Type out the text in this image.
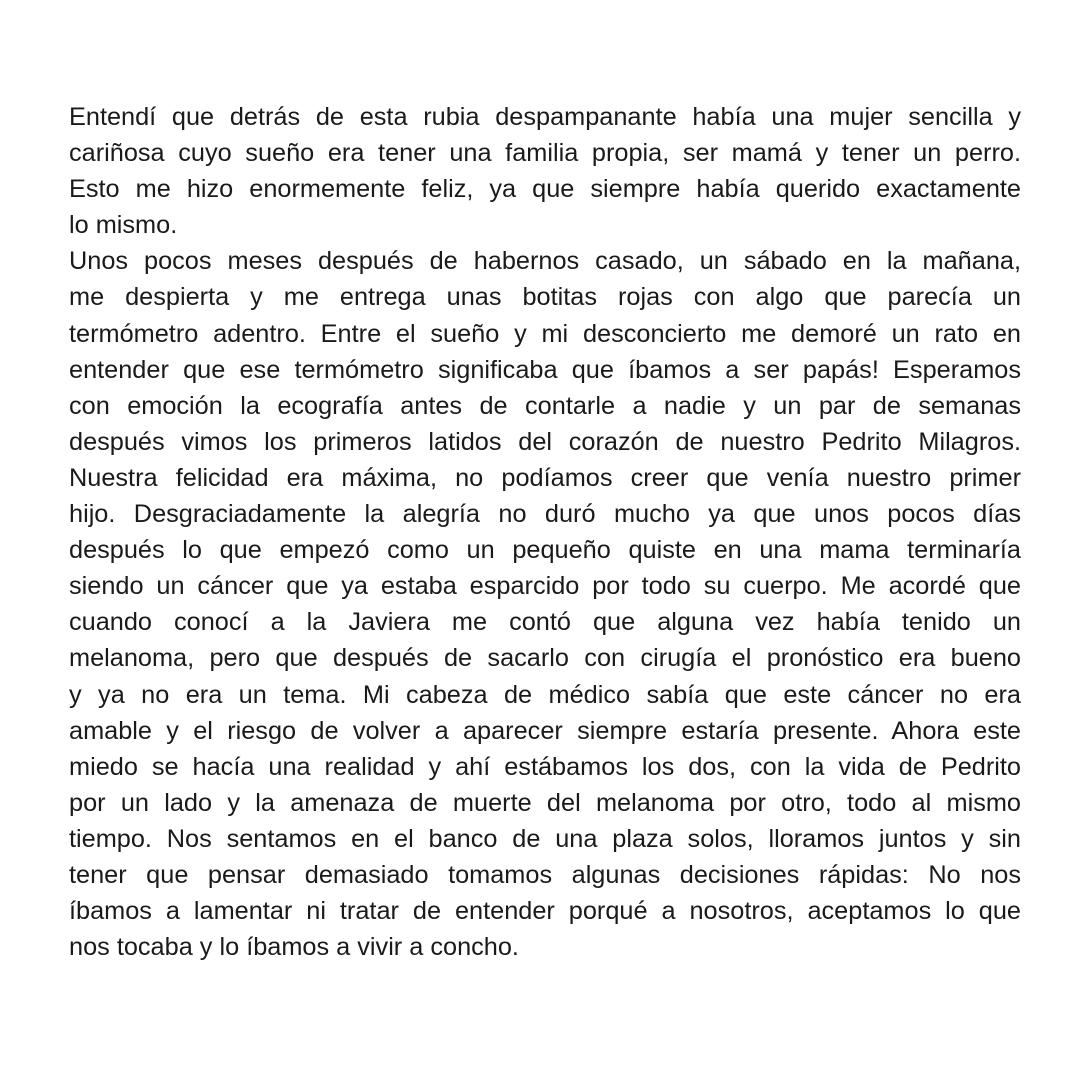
Entendí que detrás de esta rubia despampanante había una mujer sencilla y
cariñosa cuyo sueño era tener una familia propia, ser mamá y tener un perro.
Esto me hizo enormemente feliz, ya que siempre había querido exactamente
lo mismo.
Unos pocos meses después de habernos casado, un sábado en la mañana,
me despierta y me entrega unas botitas rojas con algo que parecía un
termómetro adentro. Entre el sueño y mi desconcierto me demoré un rato en
entender que ese termómetro significaba que íbamos a ser papás! Esperamos
con emoción la ecografía antes de contarle a nadie y un par de semanas
después vimos los primeros latidos del corazón de nuestro Pedrito Milagros.
Nuestra felicidad era máxima, no podíamos creer que venía nuestro primer
hijo. Desgraciadamente la alegría no duró mucho ya que unos pocos días
después lo que empezó como un pequeño quiste en una mama terminaría
siendo un cáncer que ya estaba esparcido por todo su cuerpo. Me acordé que
cuando conocí a la Javiera me contó que alguna vez había tenido un
melanoma, pero que después de sacarlo con cirugía el pronóstico era bueno
y ya no era un tema. Mi cabeza de médico sabía que este cáncer no era
amable y el riesgo de volver a aparecer siempre estaría presente. Ahora este
miedo se hacía una realidad y ahí estábamos los dos, con la vida de Pedrito
por un lado y la amenaza de muerte del melanoma por otro, todo al mismo
tiempo. Nos sentamos en el banco de una plaza solos, lloramos juntos y sin
tener que pensar demasiado tomamos algunas decisiones rápidas: No nos
íbamos a lamentar ni tratar de entender porqué a nosotros, aceptamos lo que
nos tocaba y lo íbamos a vivir a concho.
